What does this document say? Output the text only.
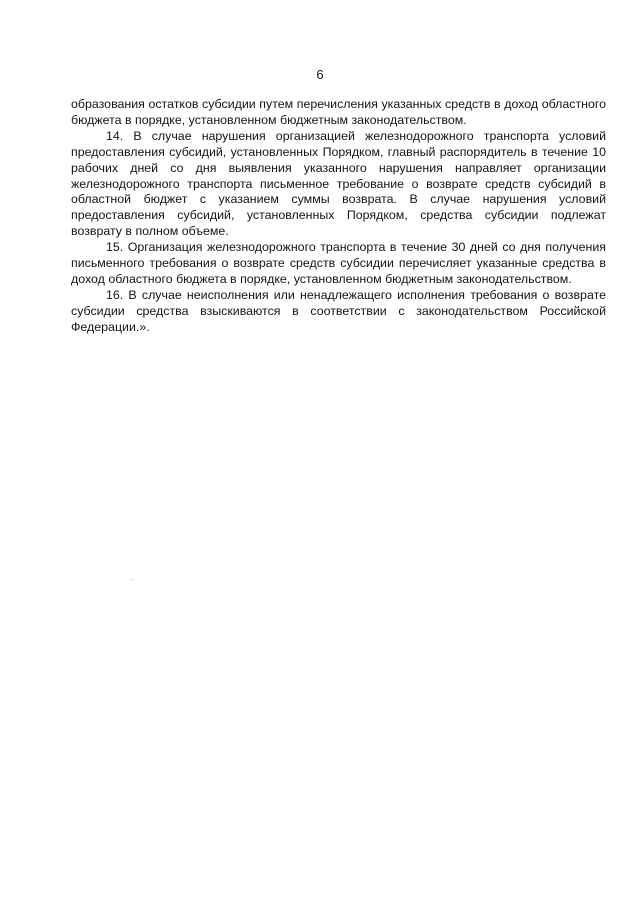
6

образования остатков субсидии путем перечисления указанных средств в доход областного бюджета в порядке, установленном бюджетным законодательством.

14. В случае нарушения организацией железнодорожного транспорта условий предоставления субсидий, установленных Порядком, главный распорядитель в течение 10 рабочих дней со дня выявления указанного нарушения направляет организации железнодорожного транспорта письменное требование о возврате средств субсидий в областной бюджет с указанием суммы возврата. В случае нарушения условий предоставления субсидий, установленных Порядком, средства субсидии подлежат возврату в полном объеме.

15. Организация железнодорожного транспорта в течение 30 дней со дня получения письменного требования о возврате средств субсидии перечисляет указанные средства в доход областного бюджета в порядке, установленном бюджетным законодательством.

16. В случае неисполнения или ненадлежащего исполнения требования о возврате субсидии средства взыскиваются в соответствии с законодательством Российской Федерации.».
